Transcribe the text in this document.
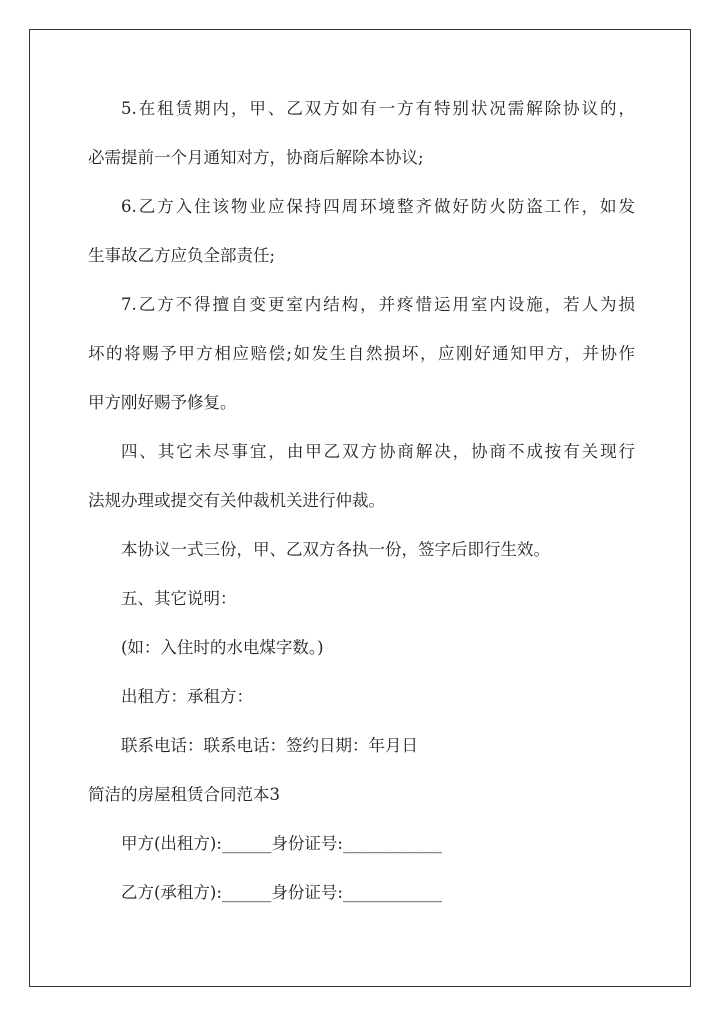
5.在租赁期内，甲、乙双方如有一方有特别状况需解除协议的，
必需提前一个月通知对方，协商后解除本协议;
6.乙方入住该物业应保持四周环境整齐做好防火防盗工作，如发
生事故乙方应负全部责任;
7.乙方不得擅自变更室内结构，并疼惜运用室内设施，若人为损
坏的将赐予甲方相应赔偿;如发生自然损坏，应刚好通知甲方，并协作
甲方刚好赐予修复。
四、其它未尽事宜，由甲乙双方协商解决，协商不成按有关现行
法规办理或提交有关仲裁机关进行仲裁。
本协议一式三份，甲、乙双方各执一份，签字后即行生效。
五、其它说明：
(如：入住时的水电煤字数。)
出租方：承租方：
联系电话：联系电话：签约日期：年月日
简洁的房屋租赁合同范本3
甲方(出租方):______身份证号:____________
乙方(承租方):______身份证号:____________
